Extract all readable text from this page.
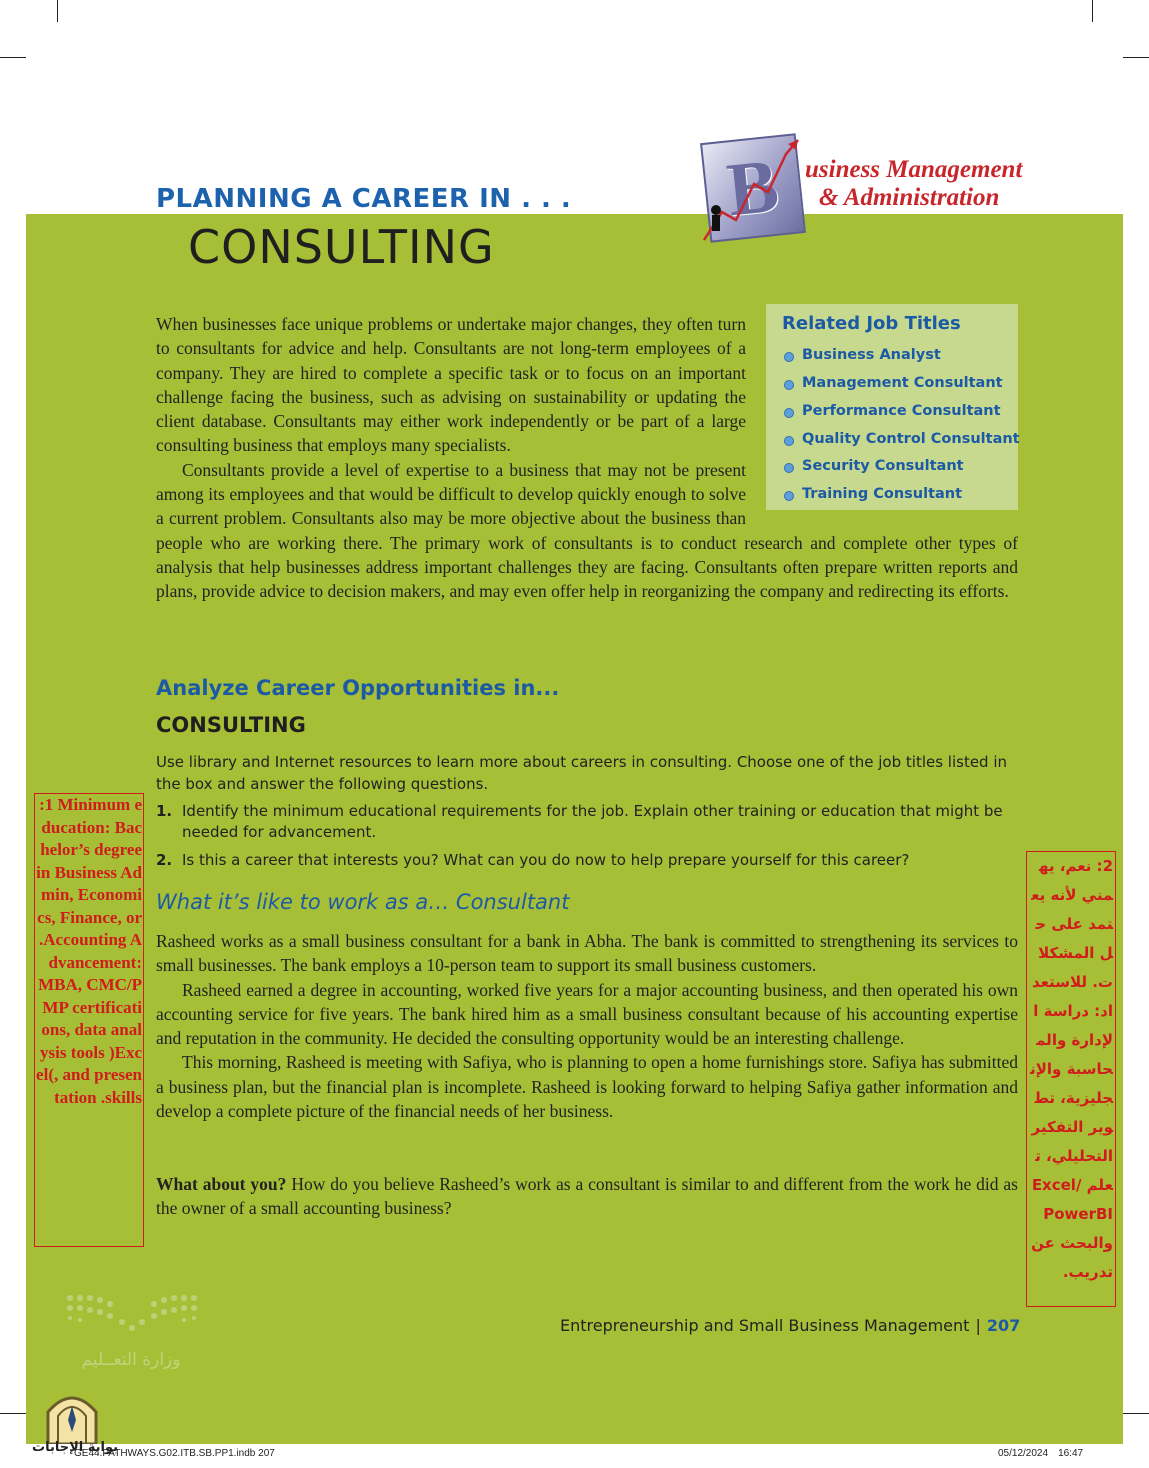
PLANNING A CAREER IN . . .
CONSULTING
B usiness Management
& Administration
Related Job Titles
Business Analyst
Management Consultant
Performance Consultant
Quality Control Consultant
Security Consultant
Training Consultant

When businesses face unique problems or undertake major changes, they often turn to consultants for advice and help. Consultants are not long-term employees of a company. They are hired to complete a specific task or to focus on an important challenge facing the business, such as advising on sustainability or updating the client database. Consultants may either work independently or be part of a large consulting business that employs many specialists.

Consultants provide a level of expertise to a business that may not be present among its employees and that would be difficult to develop quickly enough to solve a current problem. Consultants also may be more objective about the business than people who are working there. The primary work of consultants is to conduct research and complete other types of analysis that help businesses address important challenges they are facing. Consultants often prepare written reports and plans, provide advice to decision makers, and may even offer help in reorganizing the company and redirecting its efforts.

Analyze Career Opportunities in...
CONSULTING
Use library and Internet resources to learn more about careers in consulting. Choose one of the job titles listed in the box and answer the following questions.
1. Identify the minimum educational requirements for the job. Explain other training or education that might be needed for advancement.
2. Is this a career that interests you? What can you do now to help prepare yourself for this career?
What it’s like to work as a… Consultant

Rasheed works as a small business consultant for a bank in Abha. The bank is committed to strengthening its services to small businesses. The bank employs a 10-person team to support its small business customers.

Rasheed earned a degree in accounting, worked five years for a major accounting business, and then operated his own accounting service for five years. The bank hired him as a small business consultant because of his accounting expertise and reputation in the community. He decided the consulting opportunity would be an interesting challenge.

This morning, Rasheed is meeting with Safiya, who is planning to open a home furnishings store. Safiya has submitted a business plan, but the financial plan is incomplete. Rasheed is looking forward to helping Safiya gather information and develop a complete picture of the financial needs of her business.

What about you? How do you believe Rasheed’s work as a consultant is similar to and different from the work he did as the owner of a small accounting business?

:1 Minimum education: Bachelor’s degree in Business Admin, Economics, Finance, or .Accounting Advancement: MBA, CMC/PMP certifications, data analysis tools )Excel(, and presentation .skills
2: نعم، يهمني لأنه يعتمد على حل المشكلات. للاستعداد: دراسة الإدارة والمحاسبة والإنجليزية، تطوير التفكير التحليلي، تعلم Excel/PowerBI والبحث عن تدريب.
Entrepreneurship and Small Business Management | 207
وزارة التعــليم
بوابة الإجابات
GE44.PATHWAYS.G02.ITB.SB.PP1.indb 207	05/12/2024 16:47
